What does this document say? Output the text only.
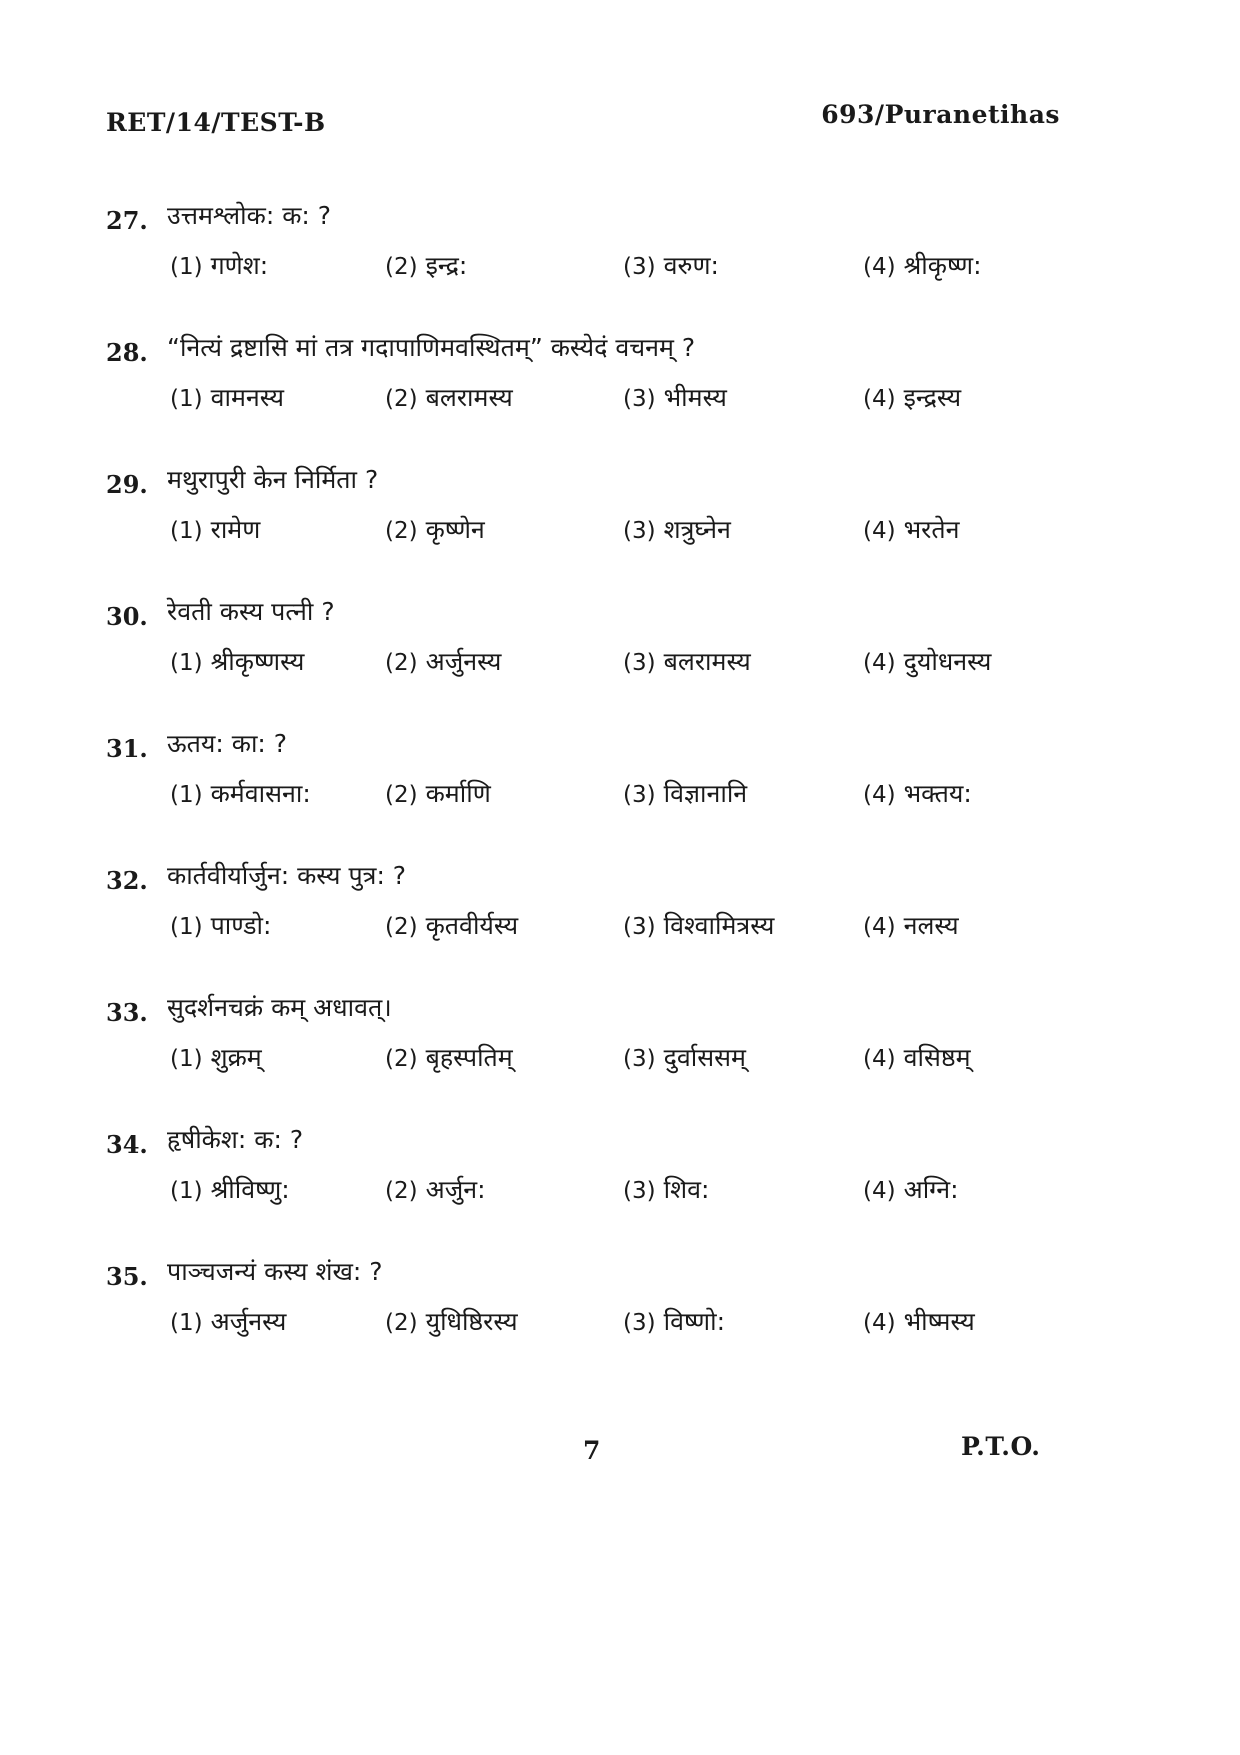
RET/14/TEST-B	693/Puranetihas
27. उत्तमश्लोक: क: ?
(1) गणेश:	(2) इन्द्र:	(3) वरुण:	(4) श्रीकृष्ण:
28. “नित्यं द्रष्टासि मां तत्र गदापाणिमवस्थितम्” कस्येदं वचनम् ?
(1) वामनस्य	(2) बलरामस्य	(3) भीमस्य	(4) इन्द्रस्य
29. मथुरापुरी केन निर्मिता ?
(1) रामेण	(2) कृष्णेन	(3) शत्रुघ्नेन	(4) भरतेन
30. रेवती कस्य पत्नी ?
(1) श्रीकृष्णस्य	(2) अर्जुनस्य	(3) बलरामस्य	(4) दुयोधनस्य
31. ऊतय: का: ?
(1) कर्मवासना:	(2) कर्माणि	(3) विज्ञानानि	(4) भक्तय:
32. कार्तवीर्यार्जुन: कस्य पुत्र: ?
(1) पाण्डो:	(2) कृतवीर्यस्य	(3) विश्वामित्रस्य	(4) नलस्य
33. सुदर्शनचक्रं कम् अधावत्।
(1) शुक्रम्	(2) बृहस्पतिम्	(3) दुर्वाससम्	(4) वसिष्ठम्
34. हृषीकेश: क: ?
(1) श्रीविष्णु:	(2) अर्जुन:	(3) शिव:	(4) अग्नि:
35. पाञ्चजन्यं कस्य शंख: ?
(1) अर्जुनस्य	(2) युधिष्ठिरस्य	(3) विष्णो:	(4) भीष्मस्य
7	P.T.O.
